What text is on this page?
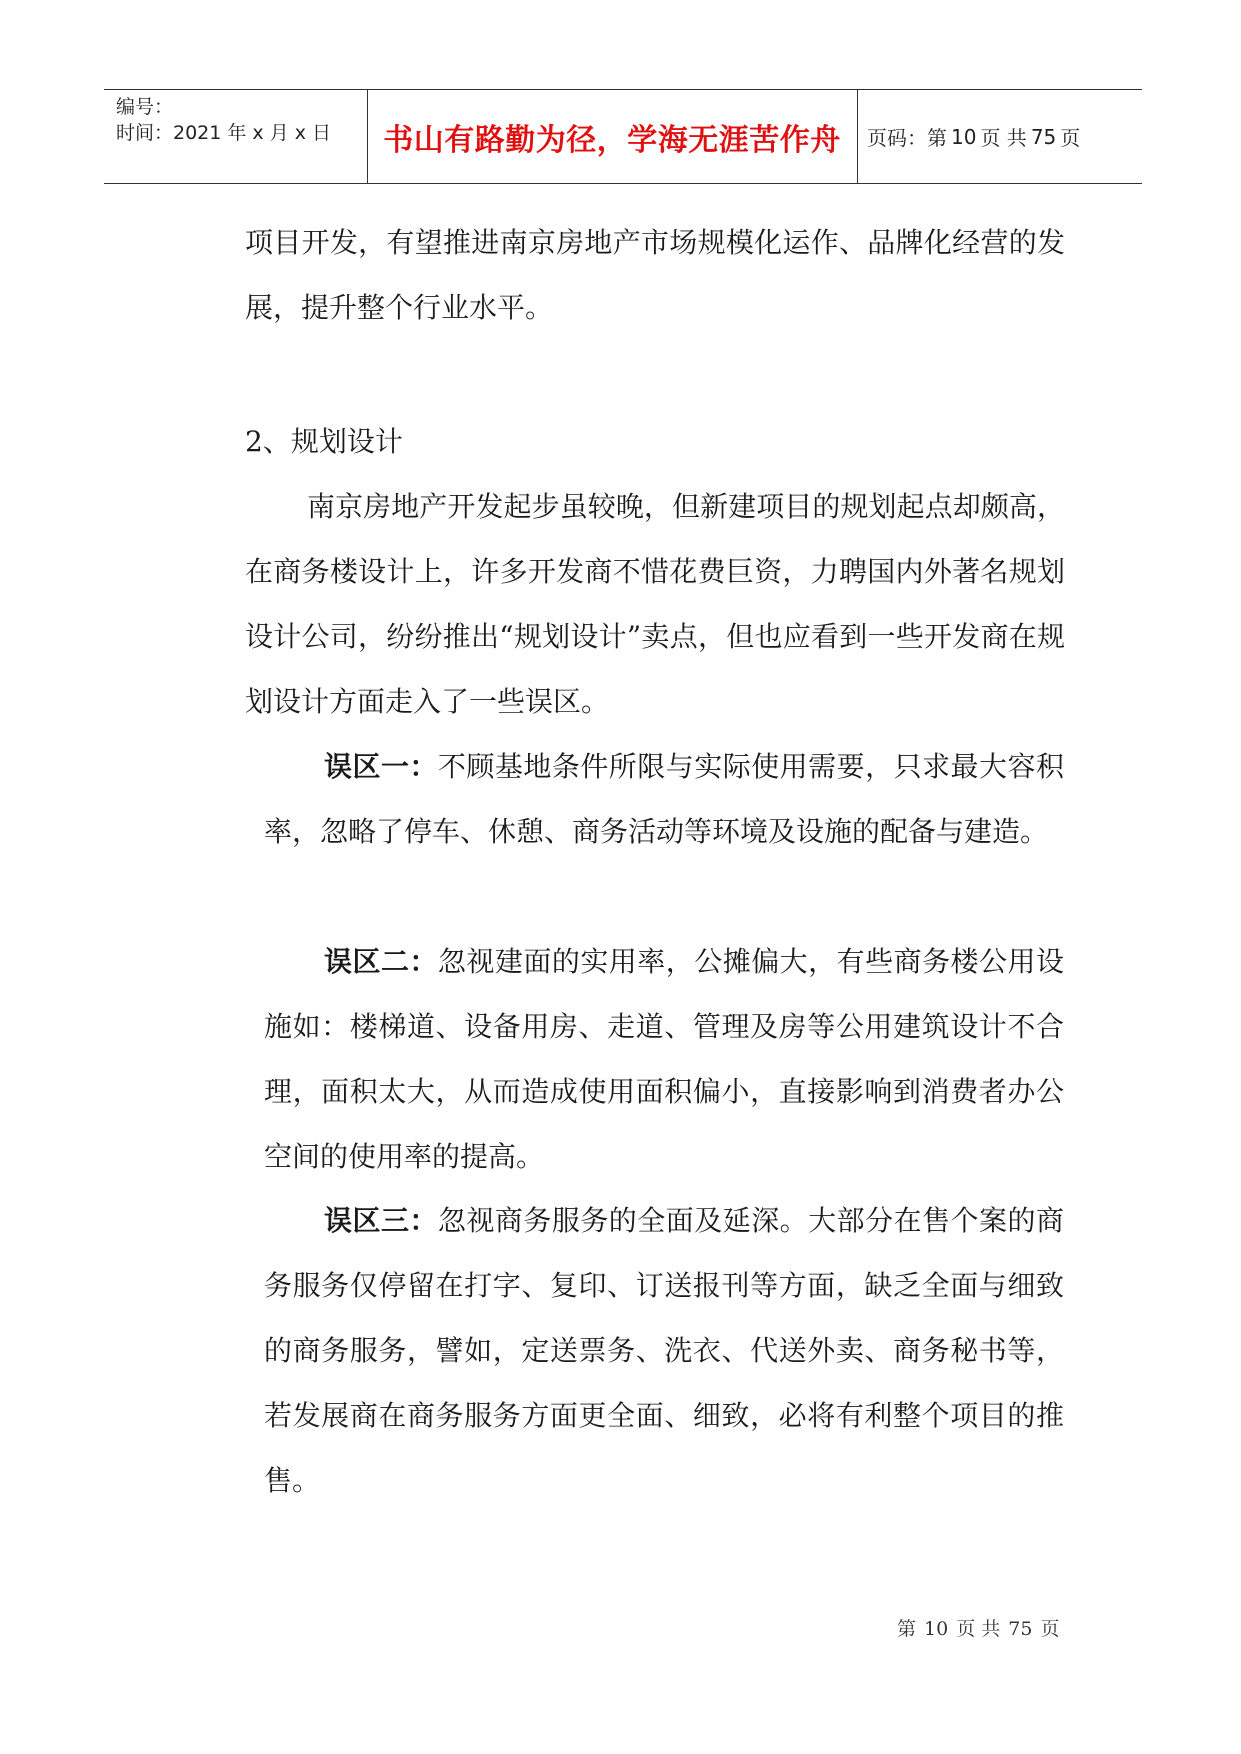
编号：
时间：2021 年 x 月 x 日	书山有路勤为径，学海无涯苦作舟	页码：第 10 页 共 75 页
项目开发，有望推进南京房地产市场规模化运作、品牌化经营的发展，提升整个行业水平。
2、规划设计
南京房地产开发起步虽较晚，但新建项目的规划起点却颇高，在商务楼设计上，许多开发商不惜花费巨资，力聘国内外著名规划设计公司，纷纷推出“规划设计”卖点，但也应看到一些开发商在规划设计方面走入了一些误区。
误区一：不顾基地条件所限与实际使用需要，只求最大容积率，忽略了停车、休憩、商务活动等环境及设施的配备与建造。
误区二：忽视建面的实用率，公摊偏大，有些商务楼公用设施如：楼梯道、设备用房、走道、管理及房等公用建筑设计不合理，面积太大，从而造成使用面积偏小，直接影响到消费者办公空间的使用率的提高。
误区三：忽视商务服务的全面及延深。大部分在售个案的商务服务仅停留在打字、复印、订送报刊等方面，缺乏全面与细致的商务服务，譬如，定送票务、洗衣、代送外卖、商务秘书等，若发展商在商务服务方面更全面、细致，必将有利整个项目的推售。
第 10 页 共 75 页
